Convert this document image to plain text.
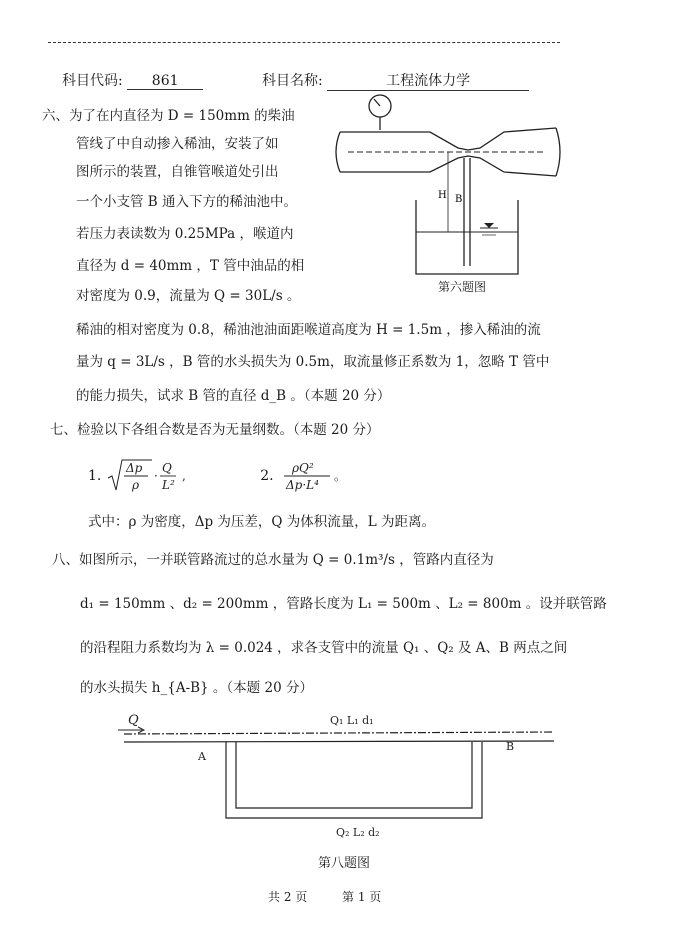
科目代码: 861	科目名称:	工程流体力学
六、为了在内直径为 D = 150mm 的柴油
管线了中自动掺入稀油，安装了如
图所示的装置，自锥管喉道处引出
一个小支管 B 通入下方的稀油池中。
若压力表读数为 0.25MPa ，喉道内
直径为 d = 40mm ，T 管中油品的相
对密度为 0.9，流量为 Q = 30L/s 。
稀油的相对密度为 0.8，稀油池油面距喉道高度为 H = 1.5m ，掺入稀油的流
量为 q = 3L/s ，B 管的水头损失为 0.5m，取流量修正系数为 1，忽略 T 管中
的能力损失，试求 B 管的直径 d_B 。（本题 20 分）
B
H
第六题图
七、检验以下各组合数是否为无量纲数。（本题 20 分）
1. Δp
ρ
·
Q
L²
,	2. ρQ²
Δp·L⁴
。
式中：ρ 为密度，Δp 为压差，Q 为体积流量，L 为距离。
八、如图所示，一并联管路流过的总水量为 Q = 0.1m³/s ，管路内直径为
d₁ = 150mm 、d₂ = 200mm ，管路长度为 L₁ = 500m 、L₂ = 800m 。设并联管路
的沿程阻力系数均为 λ = 0.024 ，求各支管中的流量 Q₁ 、Q₂ 及 A、B 两点之间
的水头损失 h_{A-B} 。（本题 20 分）
Q	Q₁ L₁ d₁
Q₂ L₂ d₂
A
B
第八题图
共 2 页	第 1 页
